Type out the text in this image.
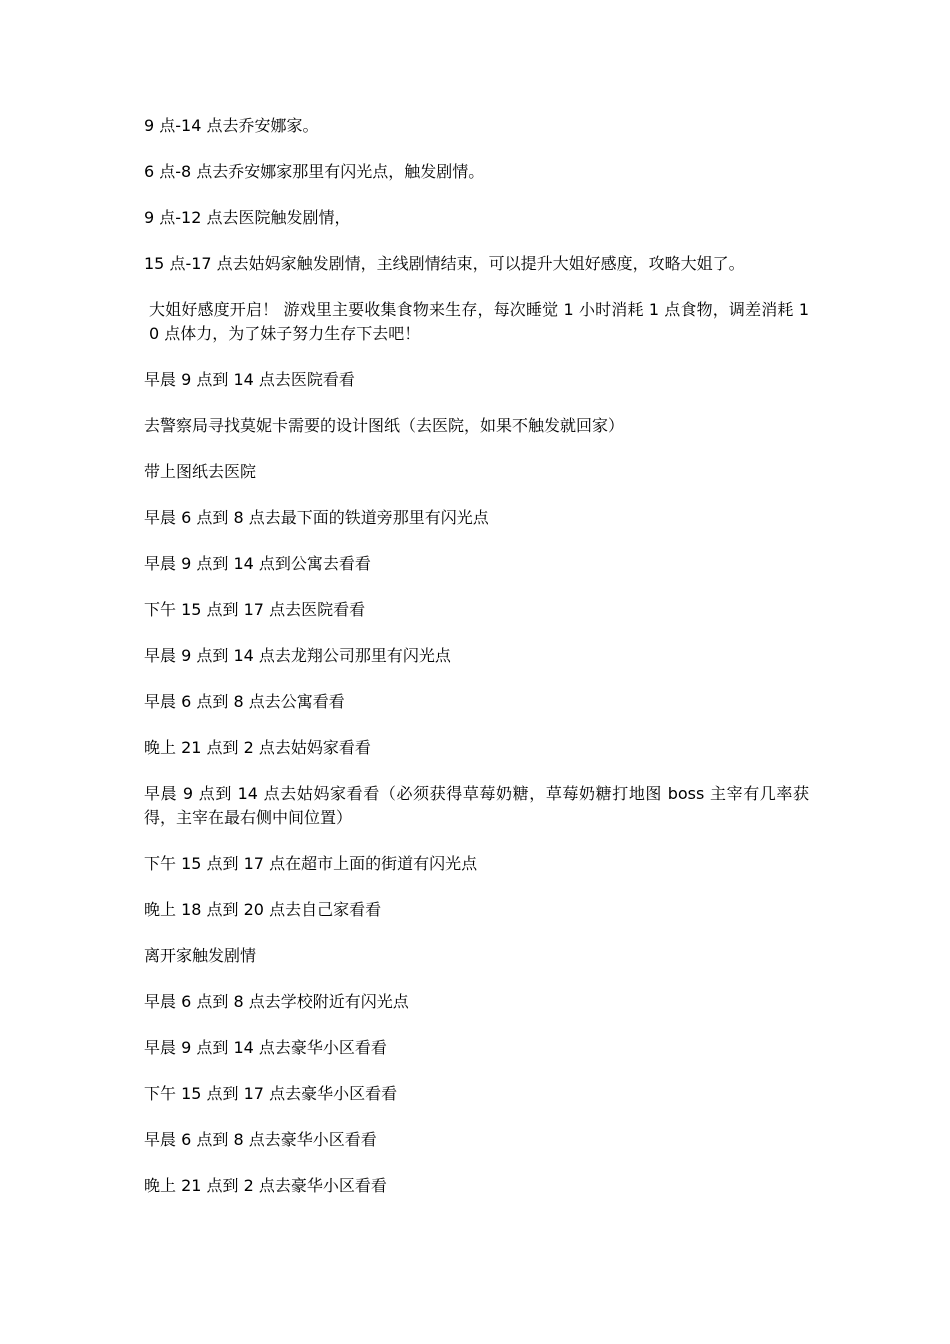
9 点-14 点去乔安娜家。

6 点-8 点去乔安娜家那里有闪光点，触发剧情。

9 点-12 点去医院触发剧情，

15 点-17 点去姑妈家触发剧情，主线剧情结束，可以提升大姐好感度，攻略大姐了。

大姐好感度开启！ 游戏里主要收集食物来生存，每次睡觉 1 小时消耗 1 点食物，调差消耗 10 点体力，为了妹子努力生存下去吧！

早晨 9 点到 14 点去医院看看

去警察局寻找莫妮卡需要的设计图纸（去医院，如果不触发就回家）

带上图纸去医院

早晨 6 点到 8 点去最下面的铁道旁那里有闪光点

早晨 9 点到 14 点到公寓去看看

下午 15 点到 17 点去医院看看

早晨 9 点到 14 点去龙翔公司那里有闪光点

早晨 6 点到 8 点去公寓看看

晚上 21 点到 2 点去姑妈家看看

早晨 9 点到 14 点去姑妈家看看（必须获得草莓奶糖，草莓奶糖打地图 boss 主宰有几率获得，主宰在最右侧中间位置）

下午 15 点到 17 点在超市上面的街道有闪光点

晚上 18 点到 20 点去自己家看看

离开家触发剧情

早晨 6 点到 8 点去学校附近有闪光点

早晨 9 点到 14 点去豪华小区看看

下午 15 点到 17 点去豪华小区看看

早晨 6 点到 8 点去豪华小区看看

晚上 21 点到 2 点去豪华小区看看
